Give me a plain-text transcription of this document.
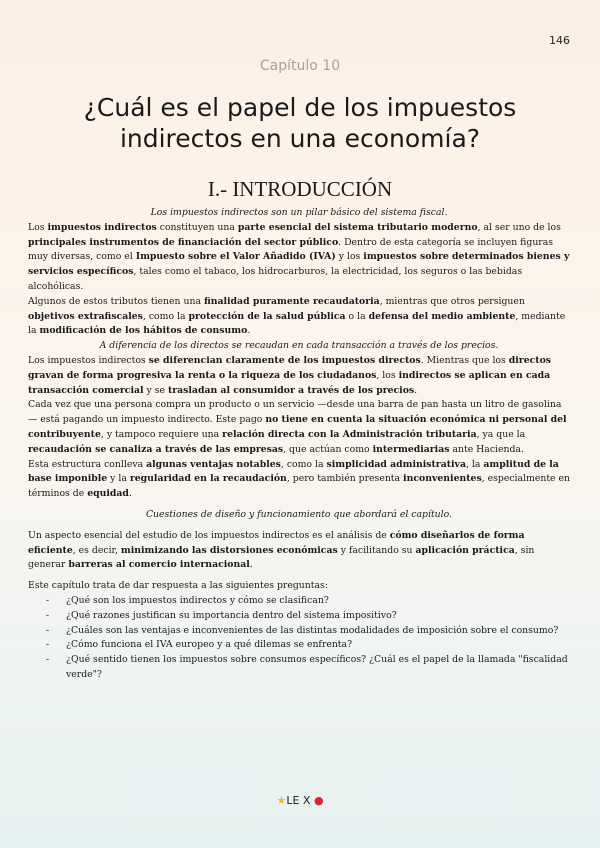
146
Capítulo 10
¿Cuál es el papel de los impuestos
indirectos en una economía?
I.- INTRODUCCIÓN

Los impuestos indirectos son un pilar básico del sistema fiscal.

Los impuestos indirectos constituyen una parte esencial del sistema tributario moderno, al ser uno de los principales instrumentos de financiación del sector público. Dentro de esta categoría se incluyen figuras muy diversas, como el Impuesto sobre el Valor Añadido (IVA) y los impuestos sobre determinados bienes y servicios específicos, tales como el tabaco, los hidrocarburos, la electricidad, los seguros o las bebidas alcohólicas.

Algunos de estos tributos tienen una finalidad puramente recaudatoria, mientras que otros persiguen objetivos extrafiscales, como la protección de la salud pública o la defensa del medio ambiente, mediante la modificación de los hábitos de consumo.

A diferencia de los directos se recaudan en cada transacción a través de los precios.

Los impuestos indirectos se diferencian claramente de los impuestos directos. Mientras que los directos gravan de forma progresiva la renta o la riqueza de los ciudadanos, los indirectos se aplican en cada transacción comercial y se trasladan al consumidor a través de los precios.

Cada vez que una persona compra un producto o un servicio —desde una barra de pan hasta un litro de gasolina— está pagando un impuesto indirecto. Este pago no tiene en cuenta la situación económica ni personal del contribuyente, y tampoco requiere una relación directa con la Administración tributaria, ya que la recaudación se canaliza a través de las empresas, que actúan como intermediarias ante Hacienda.

Esta estructura conlleva algunas ventajas notables, como la simplicidad administrativa, la amplitud de la base imponible y la regularidad en la recaudación, pero también presenta inconvenientes, especialmente en términos de equidad.

Cuestiones de diseño y funcionamiento que abordará el capítulo.

Un aspecto esencial del estudio de los impuestos indirectos es el análisis de cómo diseñarlos de forma eficiente, es decir, minimizando las distorsiones económicas y facilitando su aplicación práctica, sin generar barreras al comercio internacional.

Este capítulo trata de dar respuesta a las siguientes preguntas:

- ¿Qué son los impuestos indirectos y cómo se clasifican?
- ¿Qué razones justifican su importancia dentro del sistema impositivo?
- ¿Cuáles son las ventajas e inconvenientes de las distintas modalidades de imposición sobre el consumo?
- ¿Cómo funciona el IVA europeo y a qué dilemas se enfrenta?
- ¿Qué sentido tienen los impuestos sobre consumos específicos? ¿Cuál es el papel de la llamada "fiscalidad verde"?
★LE X ●
